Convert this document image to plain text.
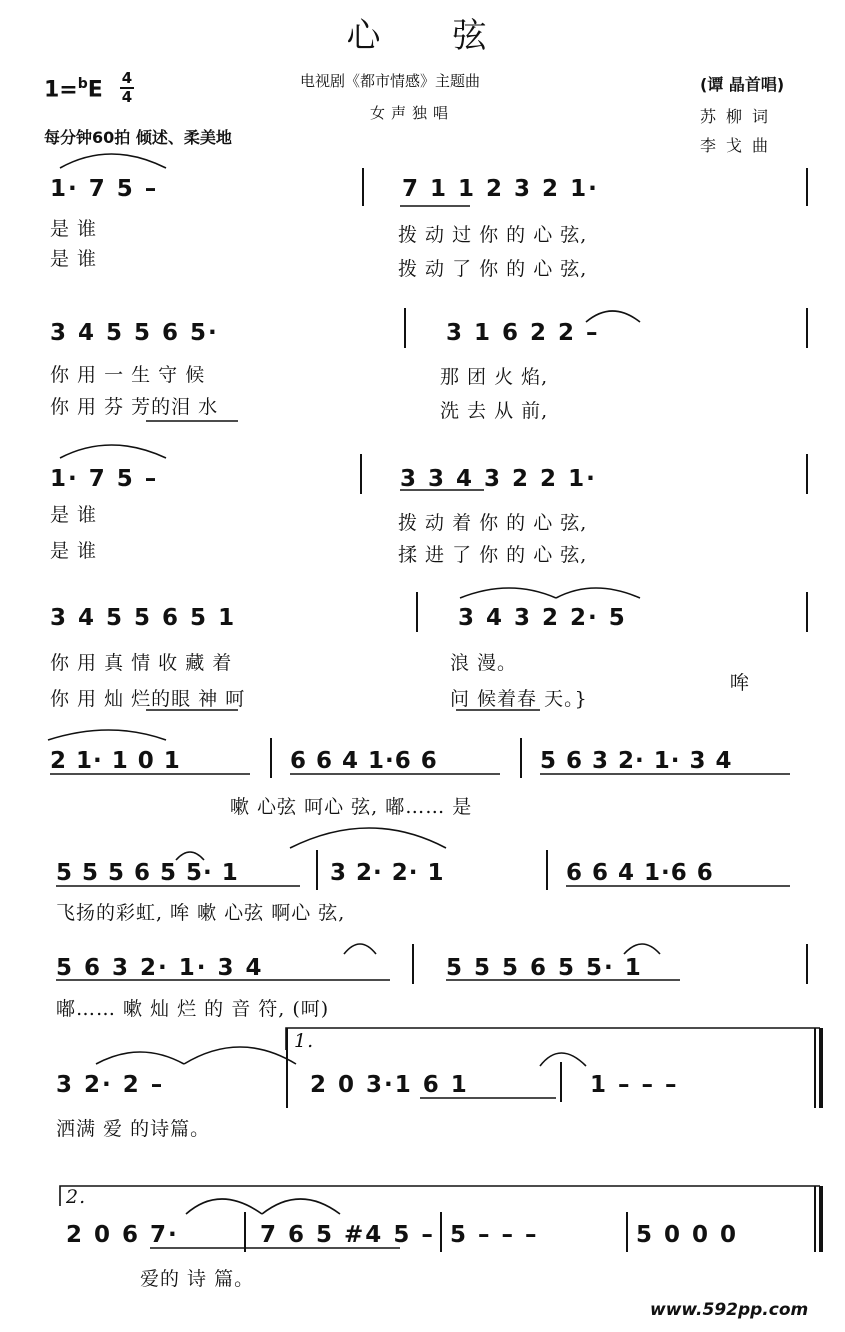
心弦
电视剧《都市情感》主题曲
女声独唱
(谭 晶首唱)
苏柳词
李戈曲
1=$^b$E 4
4
每分钟60拍 倾述、柔美地
1· 7 5 –	7 1 1 2 3 2 1·
是 谁	拨 动 过 你 的 心 弦,
是 谁	拨 动 了 你 的 心 弦,
3 4 5 5 6 5·	3 1 6 2 2 –
你 用 一 生 守 候	那 团 火 焰,
你 用 芬 芳的泪 水	洗 去 从 前,
1· 7 5 –	3 3 4 3 2 2 1·
是 谁	拨 动 着 你 的 心 弦,
是 谁	揉 进 了 你 的 心 弦,
3 4 5 5 6 5 1	3 4 3 2 2· 5
你 用 真 情 收 藏 着	浪 漫。
你 用 灿 烂的眼 神 呵	问 候着春 天。}
哞
2 1· 1 0 1	6 6 4 1·6 6	5 6 3 2· 1· 3 4
嗽 心弦 呵心 弦, 嘟…… 是
5 5 5 6 5 5· 1	3 2· 2· 1	6 6 4 1·6 6
飞扬的彩虹, 哞 嗽 心弦 啊心 弦,
5 6 3 2· 1· 3 4	5 5 5 6 5 5· 1
嘟…… 嗽 灿 烂 的 音 符, (呵)
1.
3 2· 2 –	2 0 3·1 6 1	1 – – –
洒满 爱 的诗篇。
2.
2 0 6 7·	7 6 5 #4 5 – 5 – – –	5 0 0 0
爱的 诗 篇。
www.592pp.com
